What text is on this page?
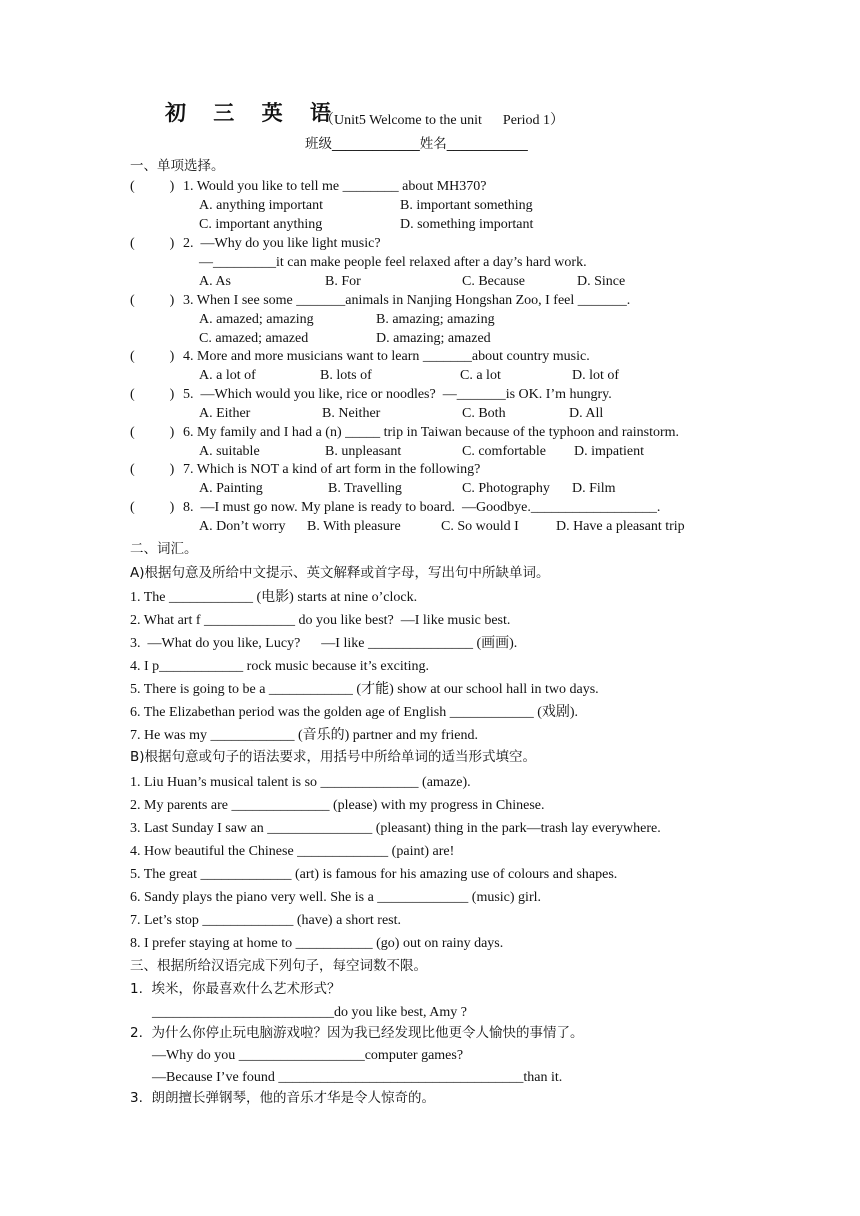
初 三 英 语
（Unit5 Welcome to the unit      Period 1）
班级_____________姓名____________
一、单项选择。
(          ) 1. Would you like to tell me ________ about MH370?
A. anything important	B. important something
C. important anything	D. something important
(          ) 2.  —Why do you like light music?
—_________it can make people feel relaxed after a day’s hard work.
A. As	B. For	C. Because	D. Since
(          ) 3. When I see some _______animals in Nanjing Hongshan Zoo, I feel _______.
A. amazed; amazing	B. amazing; amazing
C. amazed; amazed	D. amazing; amazed
(          ) 4. More and more musicians want to learn _______about country music.
A. a lot of	B. lots of	C. a lot	D. lot of
(          ) 5.  —Which would you like, rice or noodles?  —_______is OK. I’m hungry.
A. Either	B. Neither	C. Both	D. All
(          ) 6. My family and I had a (n) _____ trip in Taiwan because of the typhoon and rainstorm.
A. suitable	B. unpleasant	C. comfortable D. impatient
(          ) 7. Which is NOT a kind of art form in the following?
A. Painting	B. Travelling	C. Photography D. Film
(          ) 8.  —I must go now. My plane is ready to board.  —Goodbye.__________________.
A. Don’t worry B. With pleasure	C. So would I	D. Have a pleasant trip
二、词汇。
A)根据句意及所给中文提示、英文解释或首字母，写出句中所缺单词。
1. The ____________ (电影) starts at nine o’clock.
2. What art f _____________ do you like best?  —I like music best.
3.  —What do you like, Lucy?      —I like _______________ (画画).
4. I p____________ rock music because it’s exciting.
5. There is going to be a ____________ (才能) show at our school hall in two days.
6. The Elizabethan period was the golden age of English ____________ (戏剧).
7. He was my ____________ (音乐的) partner and my friend.
B)根据句意或句子的语法要求，用括号中所给单词的适当形式填空。
1. Liu Huan’s musical talent is so ______________ (amaze).
2. My parents are ______________ (please) with my progress in Chinese.
3. Last Sunday I saw an _______________ (pleasant) thing in the park—trash lay everywhere.
4. How beautiful the Chinese _____________ (paint) are!
5. The great _____________ (art) is famous for his amazing use of colours and shapes.
6. Sandy plays the piano very well. She is a _____________ (music) girl.
7. Let’s stop _____________ (have) a short rest.
8. I prefer staying at home to ___________ (go) out on rainy days.
三、根据所给汉语完成下列句子，每空词数不限。
1.  埃米，你最喜欢什么艺术形式？
__________________________do you like best, Amy ?
2.  为什么你停止玩电脑游戏啦？因为我已经发现比他更令人愉快的事情了。
—Why do you __________________computer games?
—Because I’ve found ___________________________________than it.
3.  朗朗擅长弹钢琴，他的音乐才华是令人惊奇的。
